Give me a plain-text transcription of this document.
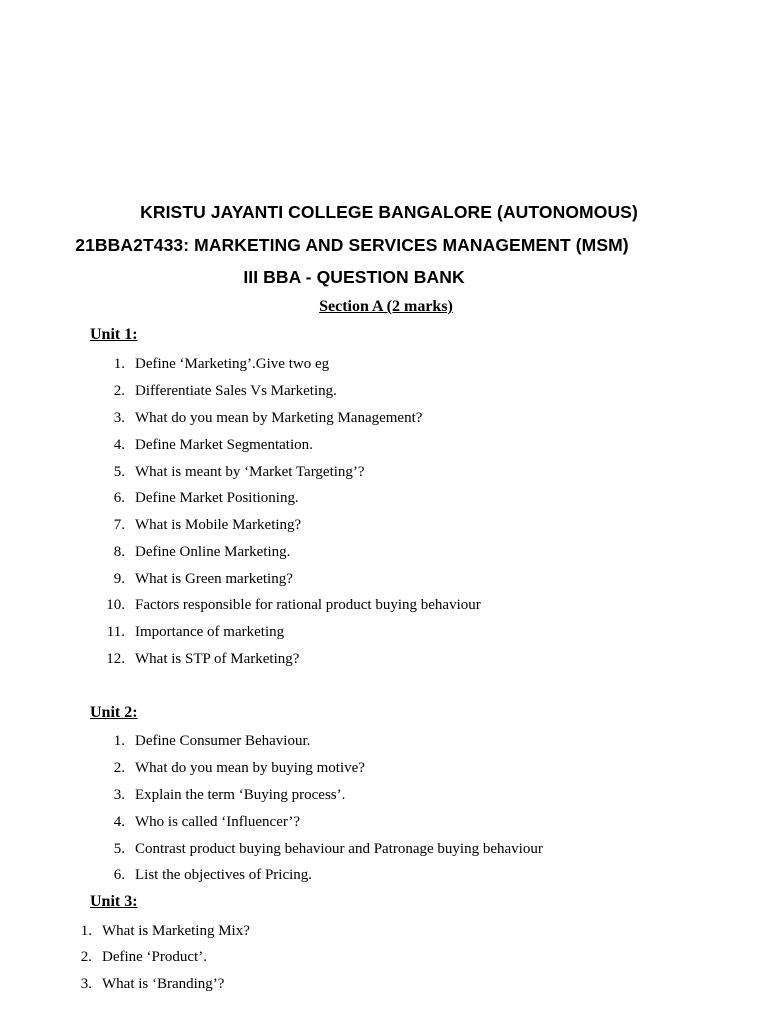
KRISTU JAYANTI COLLEGE BANGALORE (AUTONOMOUS)
21BBA2T433: MARKETING AND SERVICES MANAGEMENT (MSM)
III BBA - QUESTION BANK
Section A (2 marks)
Unit 1:
1. Define ‘Marketing’.Give two eg
2. Differentiate Sales Vs Marketing.
3. What do you mean by Marketing Management?
4. Define Market Segmentation.
5. What is meant by ‘Market Targeting’?
6. Define Market Positioning.
7. What is Mobile Marketing?
8. Define Online Marketing.
9. What is Green marketing?
10. Factors responsible for rational product buying behaviour
11. Importance of marketing
12. What is STP of Marketing?
Unit 2:
1. Define Consumer Behaviour.
2. What do you mean by buying motive?
3. Explain the term ‘Buying process’.
4. Who is called ‘Influencer’?
5. Contrast product buying behaviour and Patronage buying behaviour
6. List the objectives of Pricing.
Unit 3:
1. What is Marketing Mix?
2. Define ‘Product’.
3. What is ‘Branding’?
